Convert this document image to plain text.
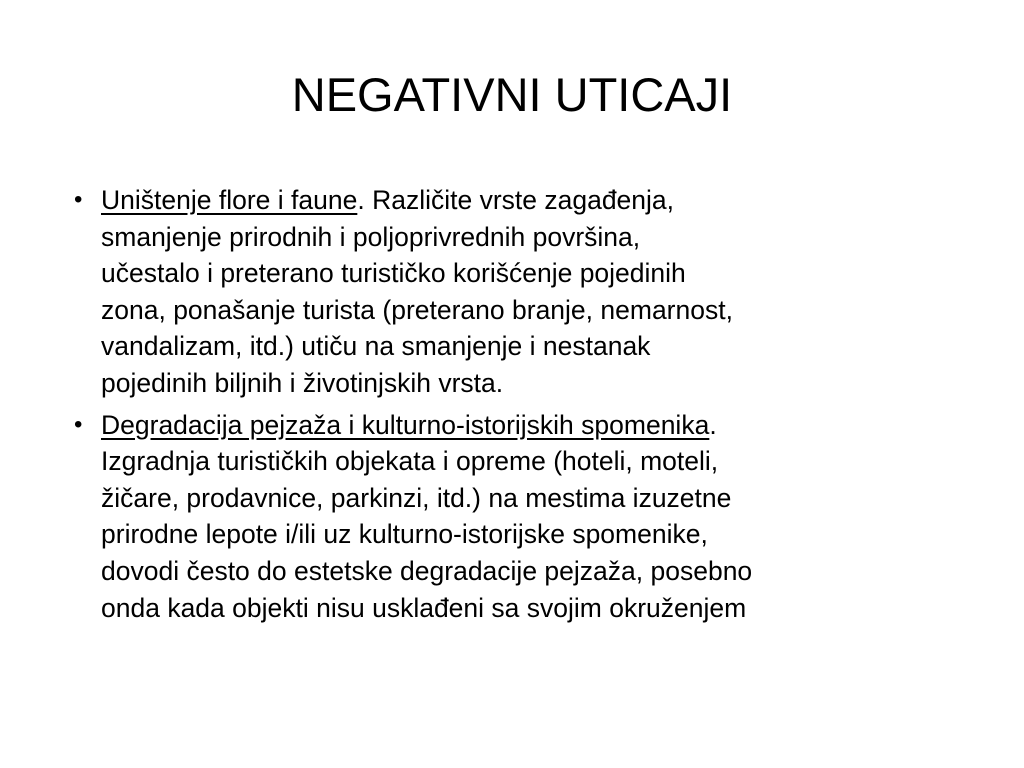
NEGATIVNI UTICAJI
• Uništenje flore i faune. Različite vrste zagađenja,
smanjenje prirodnih i poljoprivrednih površina,
učestalo i preterano turističko korišćenje pojedinih
zona, ponašanje turista (preterano branje, nemarnost,
vandalizam, itd.) utiču na smanjenje i nestanak
pojedinih biljnih i životinjskih vrsta.
• Degradacija pejzaža i kulturno-istorijskih spomenika.
Izgradnja turističkih objekata i opreme (hoteli, moteli,
žičare, prodavnice, parkinzi, itd.) na mestima izuzetne
prirodne lepote i/ili uz kulturno-istorijske spomenike,
dovodi često do estetske degradacije pejzaža, posebno
onda kada objekti nisu usklađeni sa svojim okruženjem
